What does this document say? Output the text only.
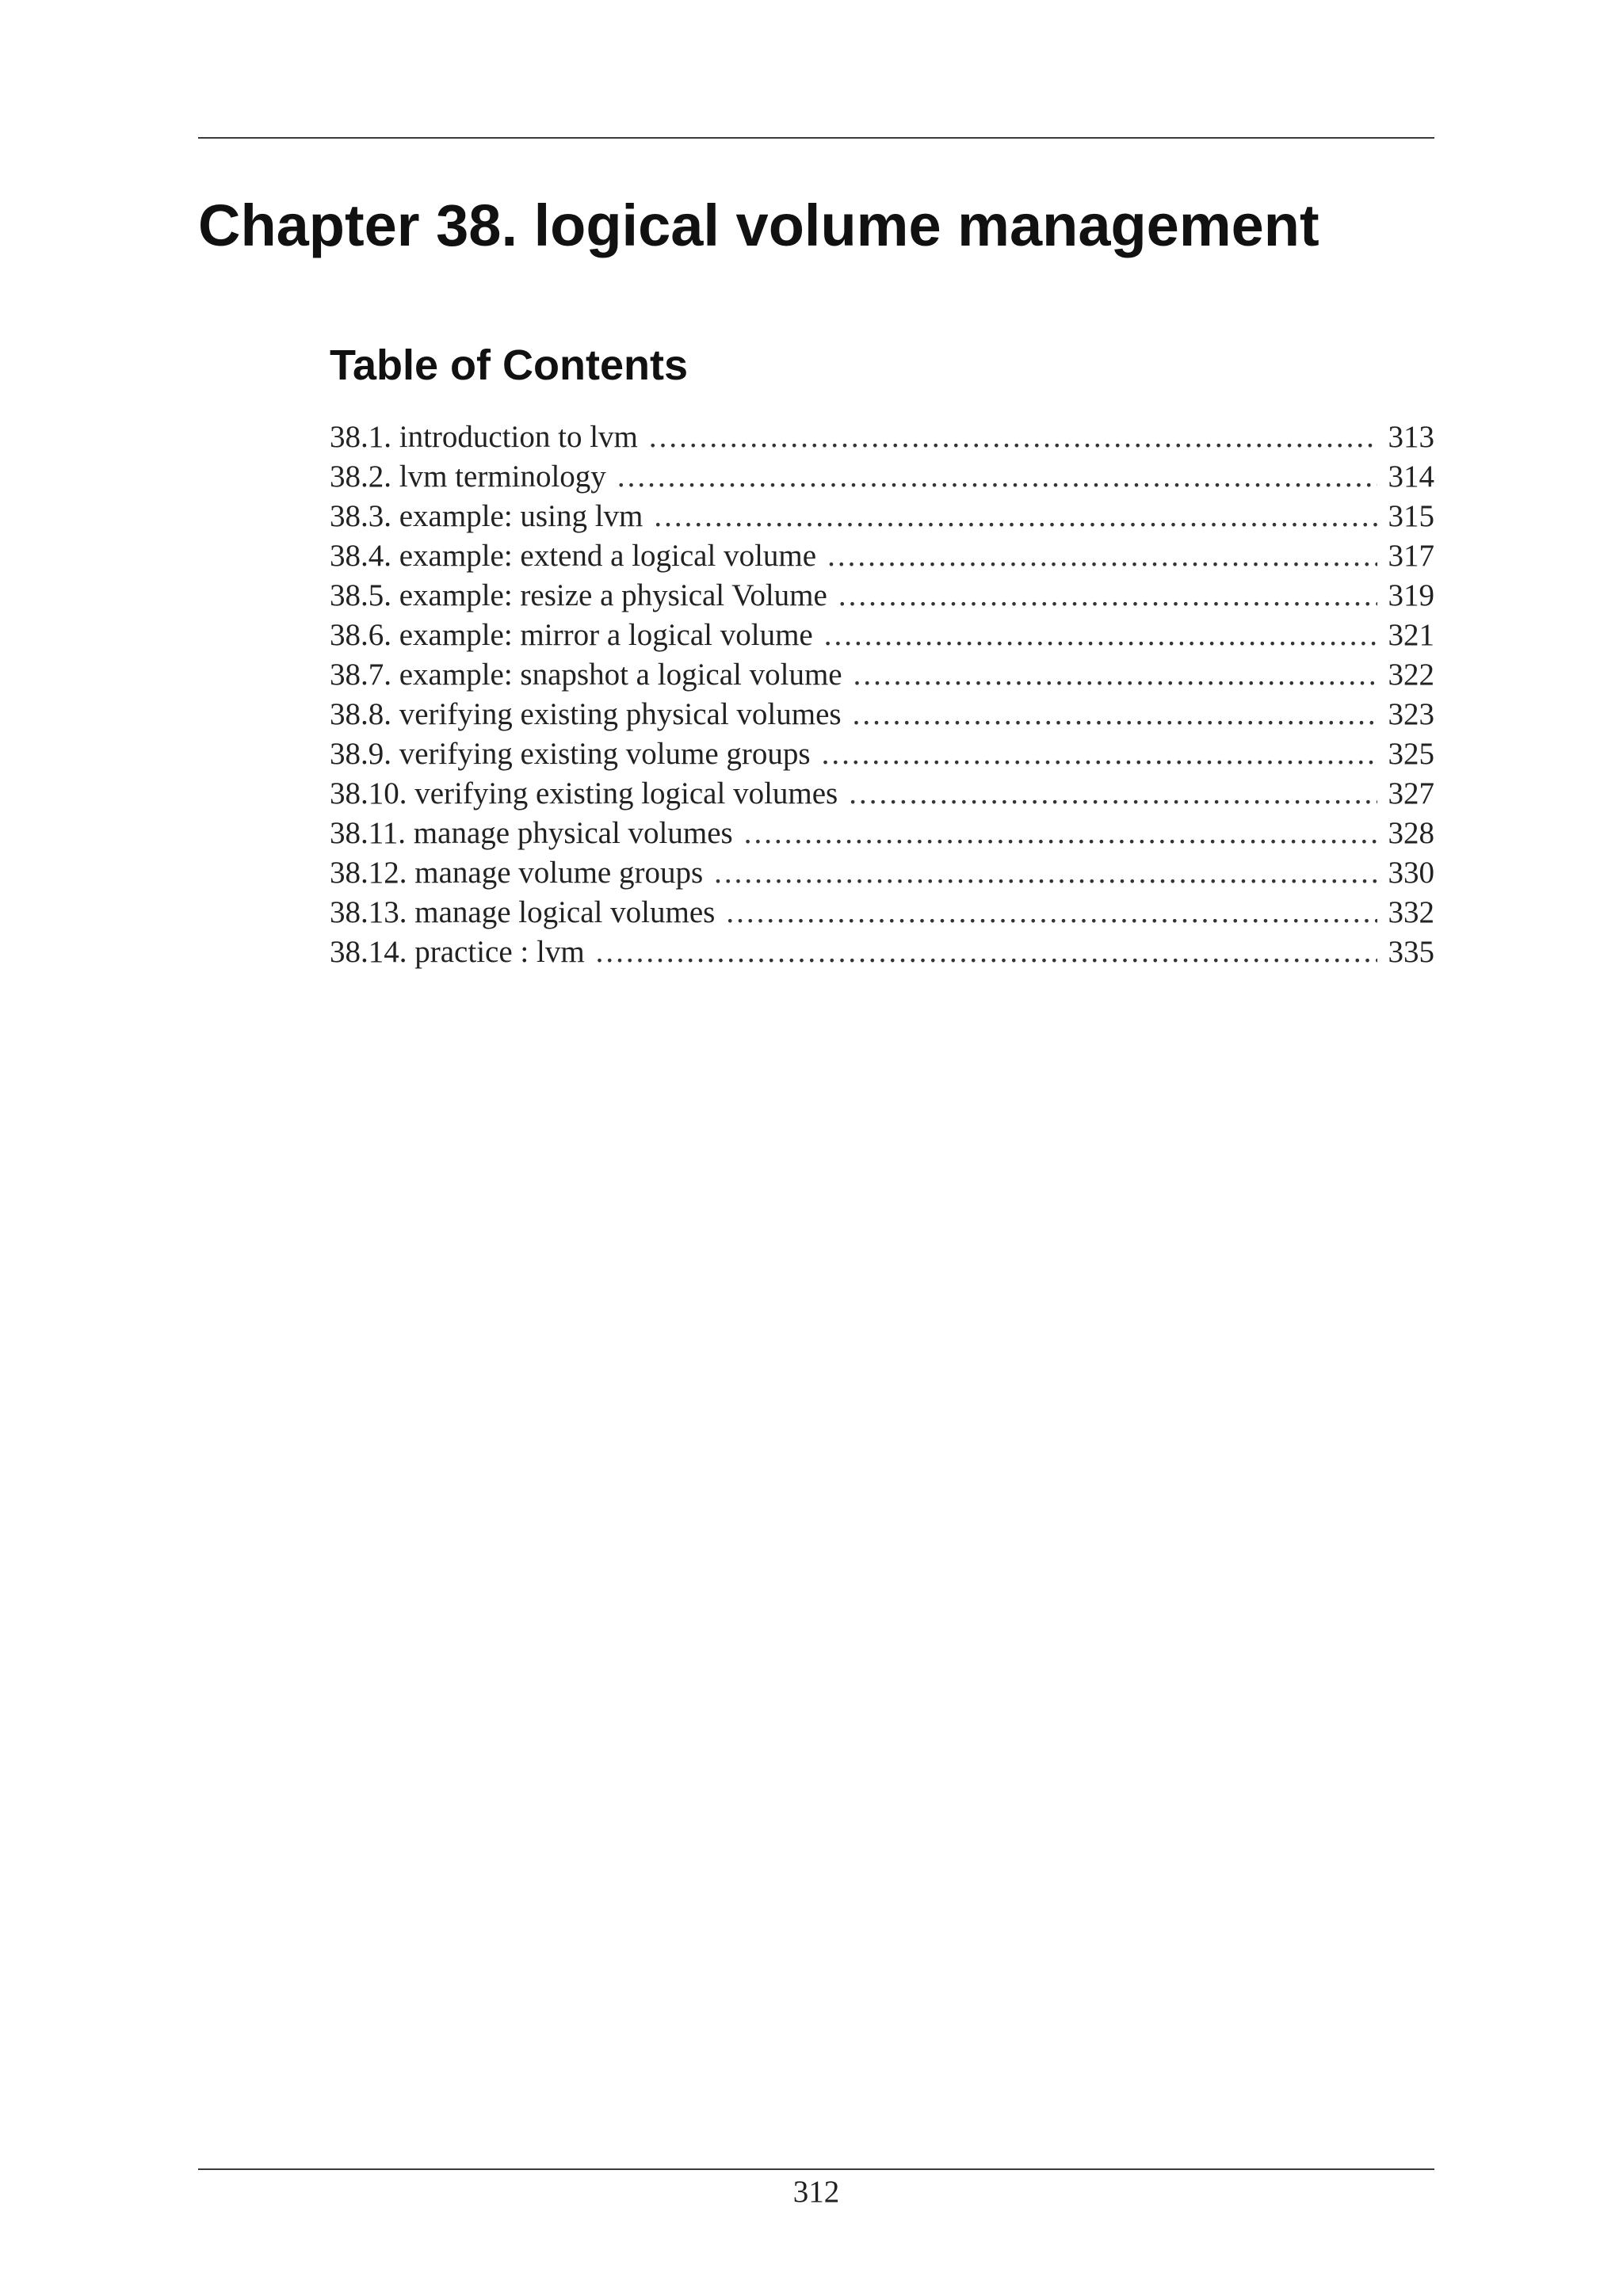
Chapter 38. logical volume management
Table of Contents
38.1. introduction to lvm .....	313
38.2. lvm terminology .....	314
38.3. example: using lvm .....	315
38.4. example: extend a logical volume .....	317
38.5. example: resize a physical Volume .....	319
38.6. example: mirror a logical volume .....	321
38.7. example: snapshot a logical volume .....	322
38.8. verifying existing physical volumes .....	323
38.9. verifying existing volume groups .....	325
38.10. verifying existing logical volumes .....	327
38.11. manage physical volumes .....	328
38.12. manage volume groups .....	330
38.13. manage logical volumes .....	332
38.14. practice : lvm .....	335
312
